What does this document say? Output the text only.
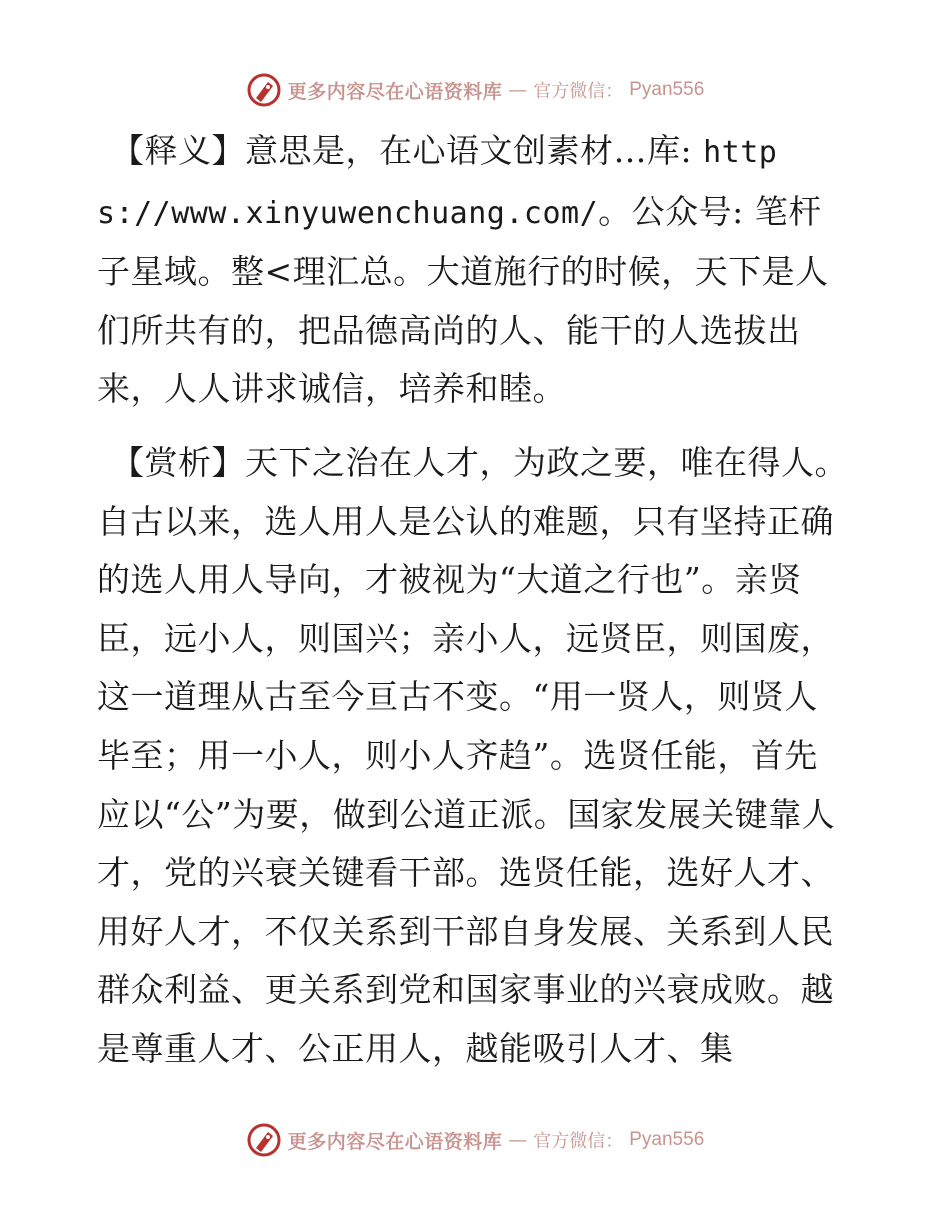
更多内容尽在心语资料库 — 官方微信： Pyan556

【释义】意思是，在心语文创素材…库: https://www.xinyuwenchuang.com/。公众号: 笔杆子星域。整<理汇总。大道施行的时候，天下是人们所共有的，把品德高尚的人、能干的人选拔出来，人人讲求诚信，培养和睦。

【赏析】天下之治在人才，为政之要，唯在得人。自古以来，选人用人是公认的难题，只有坚持正确的选人用人导向，才被视为“大道之行也”。亲贤臣，远小人，则国兴；亲小人，远贤臣，则国废，这一道理从古至今亘古不变。“用一贤人，则贤人毕至；用一小人，则小人齐趋”。选贤任能，首先应以“公”为要，做到公道正派。国家发展关键靠人才，党的兴衰关键看干部。选贤任能，选好人才、用好人才，不仅关系到干部自身发展、关系到人民群众利益、更关系到党和国家事业的兴衰成败。越是尊重人才、公正用人，越能吸引人才、集

更多内容尽在心语资料库 — 官方微信： Pyan556
